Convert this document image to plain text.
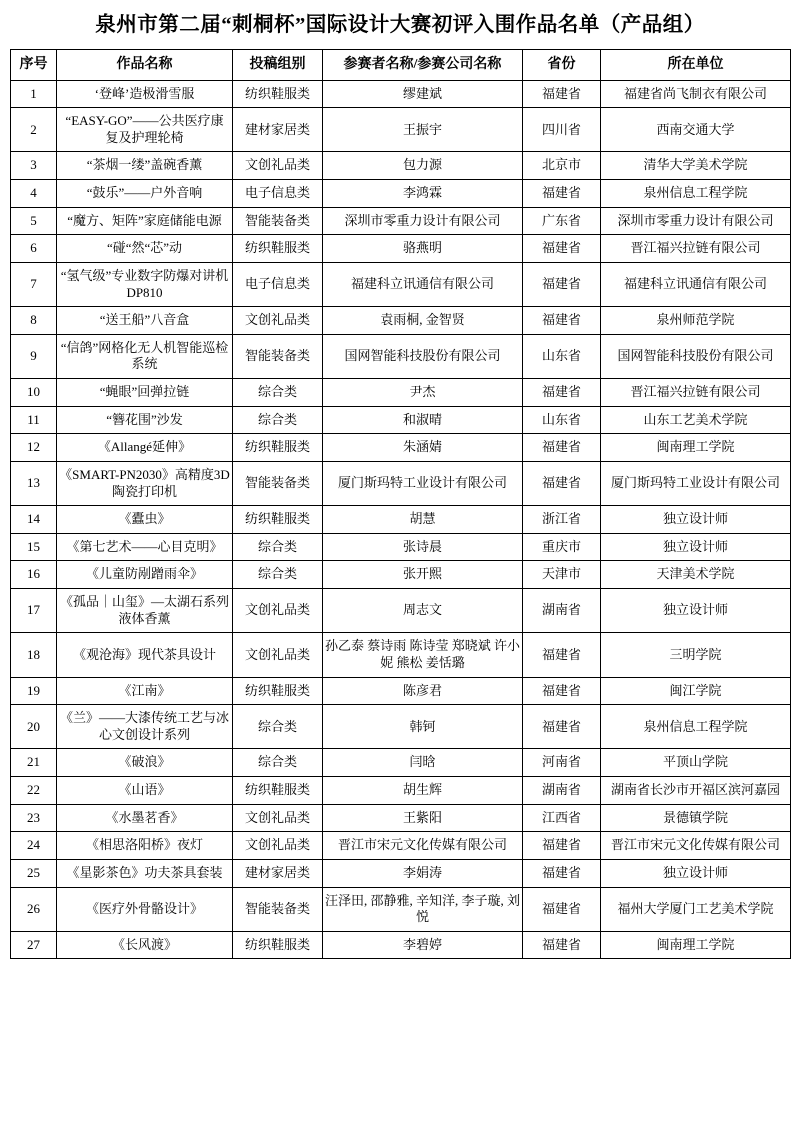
泉州市第二届“刺桐杯”国际设计大赛初评入围作品名单（产品组）
序号	作品名称	投稿组别	参赛者名称/参赛公司名称	省份	所在单位
1	‘登峰’造极滑雪服	纺织鞋服类	缪建斌	福建省	福建省尚飞制衣有限公司
2	“EASY-GO”——公共医疗康复及护理轮椅	建材家居类	王振宇	四川省	西南交通大学
3	“茶烟一缕”盖碗香薰	文创礼品类	包力源	北京市	清华大学美术学院
4	“鼓乐”——户外音响	电子信息类	李鸿霖	福建省	泉州信息工程学院
5	“魔方、矩阵”家庭储能电源	智能装备类	深圳市零重力设计有限公司	广东省	深圳市零重力设计有限公司
6	“碰“然“芯”动	纺织鞋服类	骆燕明	福建省	晋江福兴拉链有限公司
7	“氢气级”专业数字防爆对讲机DP810	电子信息类	福建科立讯通信有限公司	福建省	福建科立讯通信有限公司
8	“送王船”八音盒	文创礼品类	袁雨桐, 金智贤	福建省	泉州师范学院
9	“信鸽”网格化无人机智能巡检系统	智能装备类	国网智能科技股份有限公司	山东省	国网智能科技股份有限公司
10	“蝇眼”回弹拉链	综合类	尹杰	福建省	晋江福兴拉链有限公司
11	“簪花围”沙发	综合类	和淑晴	山东省	山东工艺美术学院
12	《Allangé延伸》	纺织鞋服类	朱涵婧	福建省	闽南理工学院
13	《SMART-PN2030》高精度3D陶瓷打印机	智能装备类	厦门斯玛特工业设计有限公司	福建省	厦门斯玛特工业设计有限公司
14	《蠹虫》	纺织鞋服类	胡慧	浙江省	独立设计师
15	《第七艺术——心目克明》	综合类	张诗晨	重庆市	独立设计师
16	《儿童防剐蹭雨伞》	综合类	张开熙	天津市	天津美术学院
17	《孤品｜山玺》—太湖石系列液体香薰	文创礼品类	周志文	湖南省	独立设计师
18	《观沧海》现代茶具设计	文创礼品类	孙乙泰 蔡诗雨 陈诗莹 郑晓斌 许小妮 熊松 姜恬璐	福建省	三明学院
19	《江南》	纺织鞋服类	陈彦君	福建省	闽江学院
20	《兰》——大漆传统工艺与冰心文创设计系列	综合类	韩钶	福建省	泉州信息工程学院
21	《破浪》	综合类	闫晗	河南省	平顶山学院
22	《山语》	纺织鞋服类	胡生辉	湖南省	湖南省长沙市开福区滨河嘉园
23	《水墨茗香》	文创礼品类	王紫阳	江西省	景德镇学院
24	《相思洛阳桥》夜灯	文创礼品类	晋江市宋元文化传媒有限公司	福建省	晋江市宋元文化传媒有限公司
25	《星影茶色》功夫茶具套装	建材家居类	李娟涛	福建省	独立设计师
26	《医疗外骨骼设计》	智能装备类	汪泽田, 邵静雅, 辛知洋, 李子璇, 刘悦	福建省	福州大学厦门工艺美术学院
27	《长风渡》	纺织鞋服类	李碧婷	福建省	闽南理工学院
